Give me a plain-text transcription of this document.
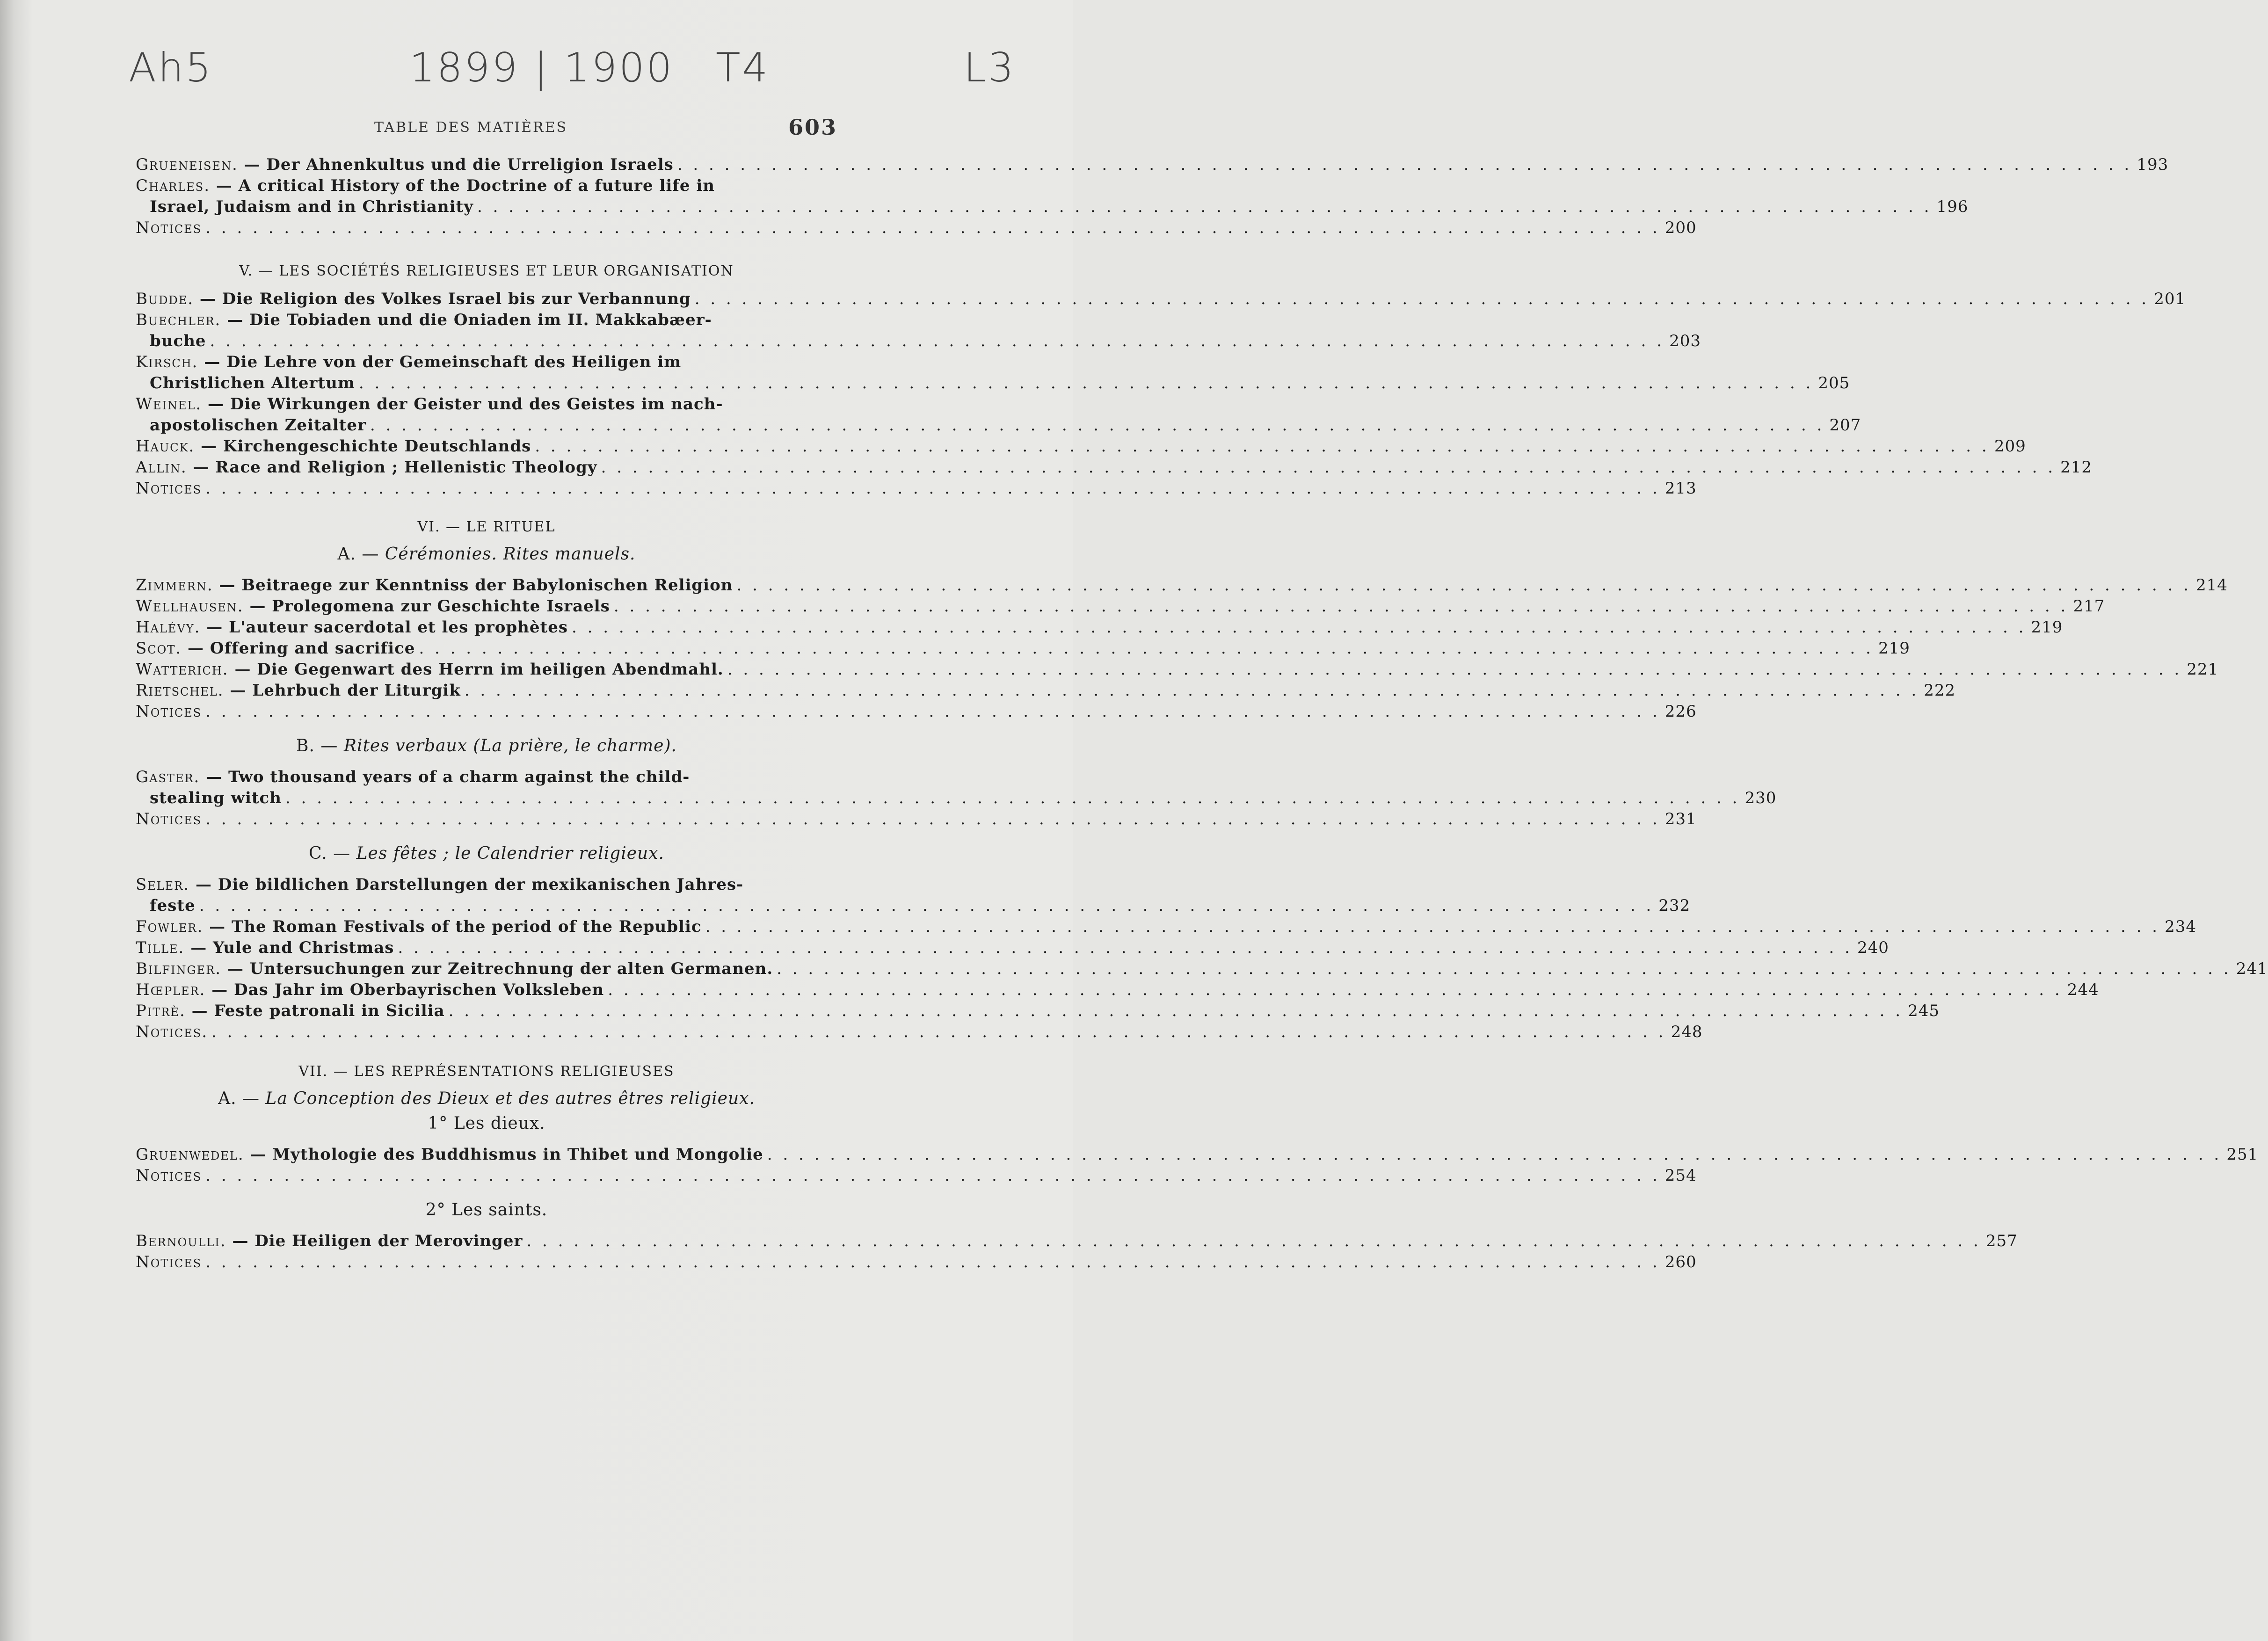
Ah5	1899 | 1900 T4	L3
TABLE DES MATIÈRES	603
Grueneisen. — Der Ahnenkultus und die Urreligion Israels . . .	193
Charles. — A critical History of the Doctrine of a future life in
Israel, Judaism and in Christianity . . .	196
Notices . . .	200
V. — LES SOCIÉTÉS RELIGIEUSES ET LEUR ORGANISATION
Budde. — Die Religion des Volkes Israel bis zur Verbannung . . .	201
Buechler. — Die Tobiaden und die Oniaden im II. Makkabæer-
buche . . .	203
Kirsch. — Die Lehre von der Gemeinschaft des Heiligen im
Christlichen Altertum . . .	205
Weinel. — Die Wirkungen der Geister und des Geistes im nach-
apostolischen Zeitalter . . .	207
Hauck. — Kirchengeschichte Deutschlands . . .	209
Allin. — Race and Religion ; Hellenistic Theology . . .	212
Notices . . .	213
VI. — LE RITUEL
A. — Cérémonies. Rites manuels.
Zimmern. — Beitraege zur Kenntniss der Babylonischen Religion . . .	214
Wellhausen. — Prolegomena zur Geschichte Israels . . .	217
Halévy. — L'auteur sacerdotal et les prophètes . . .	219
Scot. — Offering and sacrifice . . .	219
Watterich. — Die Gegenwart des Herrn im heiligen Abendmahl. . . .	221
Rietschel. — Lehrbuch der Liturgik . . .	222
Notices . . .	226
B. — Rites verbaux (La prière, le charme).
Gaster. — Two thousand years of a charm against the child-
stealing witch . . .	230
Notices . . .	231
C. — Les fêtes ; le Calendrier religieux.
Seler. — Die bildlichen Darstellungen der mexikanischen Jahres-
feste . . .	232
Fowler. — The Roman Festivals of the period of the Republic . . .	234
Tille. — Yule and Christmas . . .	240
Bilfinger. — Untersuchungen zur Zeitrechnung der alten Germanen. . . .	241
Hœpler. — Das Jahr im Oberbayrischen Volksleben . . .	244
Pitrè. — Feste patronali in Sicilia . . .	245
Notices. . . .	248
VII. — LES REPRÉSENTATIONS RELIGIEUSES
A. — La Conception des Dieux et des autres êtres religieux.
1° Les dieux.
Gruenwedel. — Mythologie des Buddhismus in Thibet und Mongolie . . .	251
Notices . . .	254
2° Les saints.
Bernoulli. — Die Heiligen der Merovinger . . .	257
Notices . . .	260
